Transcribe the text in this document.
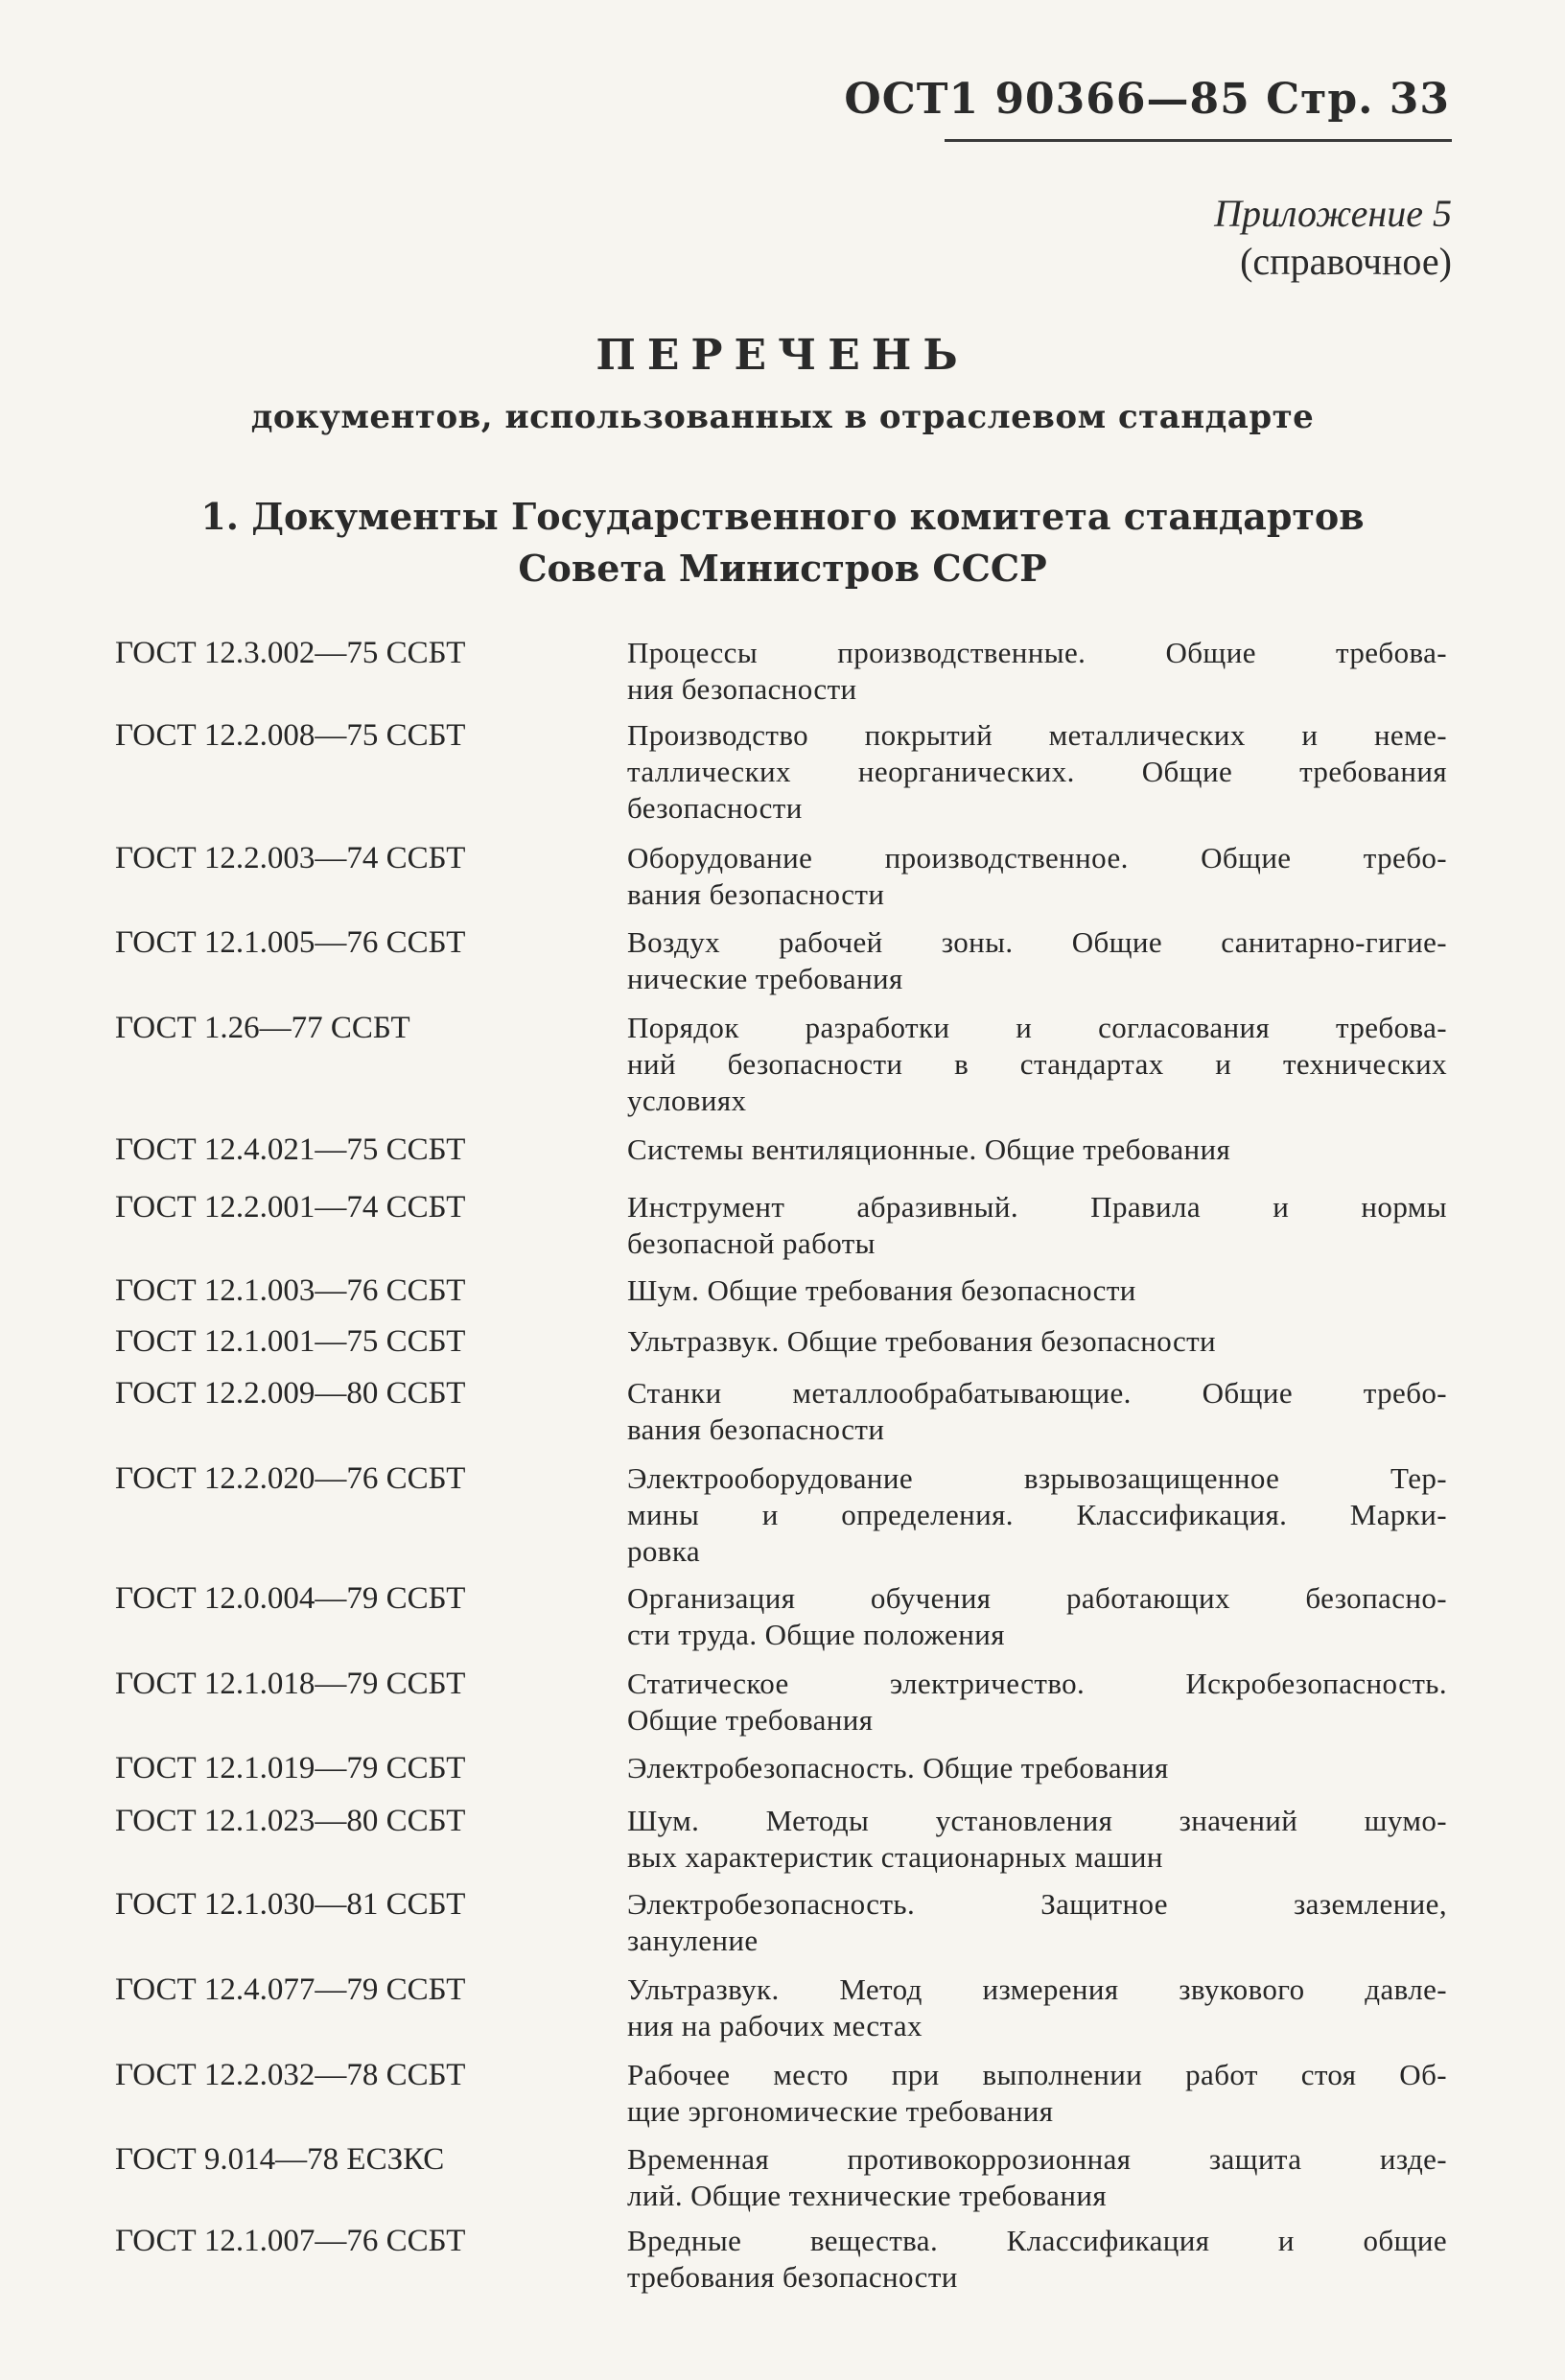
ОСТ1 90366—85 Стр. 33
Приложение 5
(справочное)
ПЕРЕЧЕНЬ
документов, использованных в отраслевом стандарте
1. Документы Государственного комитета стандартов
Совета Министров СССР
ГОСТ 12.3.002—75 ССБТ	Процессы производственные. Общие требова-
ния безопасности
ГОСТ 12.2.008—75 ССБТ	Производство покрытий металлических и неме-
таллических неорганических. Общие требования
безопасности
ГОСТ 12.2.003—74 ССБТ	Оборудование производственное. Общие требо-
вания безопасности
ГОСТ 12.1.005—76 ССБТ	Воздух рабочей зоны. Общие санитарно-гигие-
нические требования
ГОСТ 1.26—77 ССБТ	Порядок разработки и согласования требова-
ний безопасности в стандартах и технических
условиях
ГОСТ 12.4.021—75 ССБТ	Системы вентиляционные. Общие требования
ГОСТ 12.2.001—74 ССБТ	Инструмент абразивный. Правила и нормы
безопасной работы
ГОСТ 12.1.003—76 ССБТ	Шум. Общие требования безопасности
ГОСТ 12.1.001—75 ССБТ	Ультразвук. Общие требования безопасности
ГОСТ 12.2.009—80 ССБТ	Станки металлообрабатывающие. Общие требо-
вания безопасности
ГОСТ 12.2.020—76 ССБТ	Электрооборудование взрывозащищенное Тер-
мины и определения. Классификация. Марки-
ровка
ГОСТ 12.0.004—79 ССБТ	Организация обучения работающих безопасно-
сти труда. Общие положения
ГОСТ 12.1.018—79 ССБТ	Статическое электричество. Искробезопасность.
Общие требования
ГОСТ 12.1.019—79 ССБТ	Электробезопасность. Общие требования
ГОСТ 12.1.023—80 ССБТ	Шум. Методы установления значений шумо-
вых характеристик стационарных машин
ГОСТ 12.1.030—81 ССБТ	Электробезопасность. Защитное заземление,
зануление
ГОСТ 12.4.077—79 ССБТ	Ультразвук. Метод измерения звукового давле-
ния на рабочих местах
ГОСТ 12.2.032—78 ССБТ	Рабочее место при выполнении работ стоя Об-
щие эргономические требования
ГОСТ 9.014—78 ЕСЗКС	Временная противокоррозионная защита изде-
лий. Общие технические требования
ГОСТ 12.1.007—76 ССБТ	Вредные вещества. Классификация и общие
требования безопасности
